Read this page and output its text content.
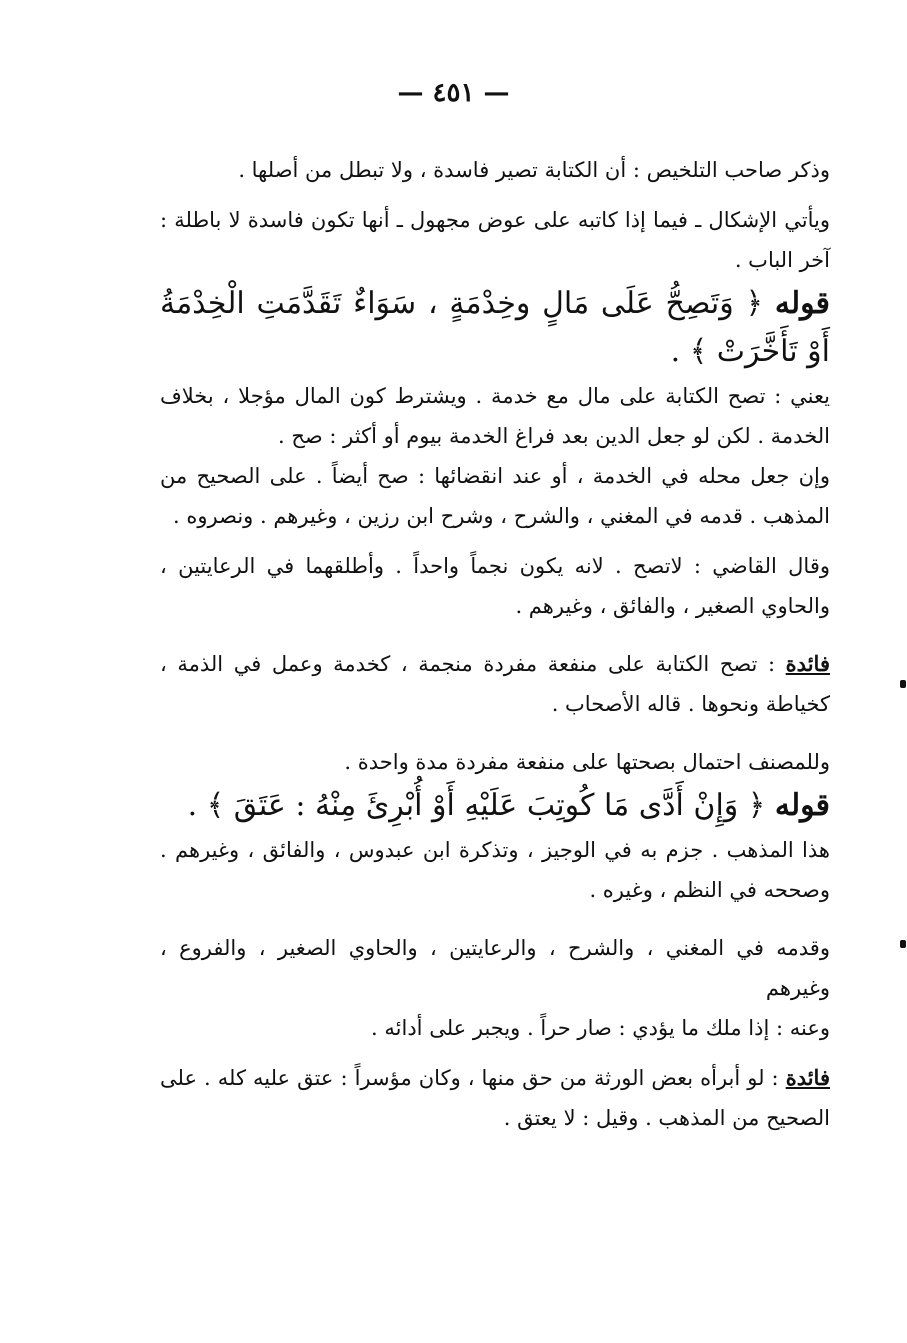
— ٤٥١ —

وذكر صاحب التلخيص : أن الكتابة تصير فاسدة ، ولا تبطل من أصلها .

ويأتي الإشكال ـ فيما إذا كاتبه على عوض مجهول ـ أنها تكون فاسدة لا باطلة : آخر الباب .

قوله ﴿ وَتَصِحُّ عَلَى مَالٍ وخِدْمَةٍ ، سَوَاءٌ تَقَدَّمَتِ الْخِدْمَةُ أَوْ تَأَخَّرَتْ ﴾ .

يعني : تصح الكتابة على مال مع خدمة . ويشترط كون المال مؤجلا ، بخلاف الخدمة . لكن لو جعل الدين بعد فراغ الخدمة بيوم أو أكثر : صح .

وإن جعل محله في الخدمة ، أو عند انقضائها : صح أيضاً . على الصحيح من المذهب . قدمه في المغني ، والشرح ، وشرح ابن رزين ، وغيرهم . ونصروه .

وقال القاضي : لاتصح . لانه يكون نجماً واحداً . وأطلقهما في الرعايتين ، والحاوي الصغير ، والفائق ، وغيرهم .

فائدة : تصح الكتابة على منفعة مفردة منجمة ، كخدمة وعمل في الذمة ، كخياطة ونحوها . قاله الأصحاب .

وللمصنف احتمال بصحتها على منفعة مفردة مدة واحدة .

قوله ﴿ وَإِنْ أَدَّى مَا كُوتِبَ عَلَيْهِ أَوْ أُبْرِئَ مِنْهُ : عَتَقَ ﴾ .

هذا المذهب . جزم به في الوجيز ، وتذكرة ابن عبدوس ، والفائق ، وغيرهم . وصححه في النظم ، وغيره .

وقدمه في المغني ، والشرح ، والرعايتين ، والحاوي الصغير ، والفروع ، وغيرهم

وعنه : إذا ملك ما يؤدي : صار حراً . ويجبر على أدائه .

فائدة : لو أبرأه بعض الورثة من حق منها ، وكان مؤسراً : عتق عليه كله . على الصحيح من المذهب . وقيل : لا يعتق .
